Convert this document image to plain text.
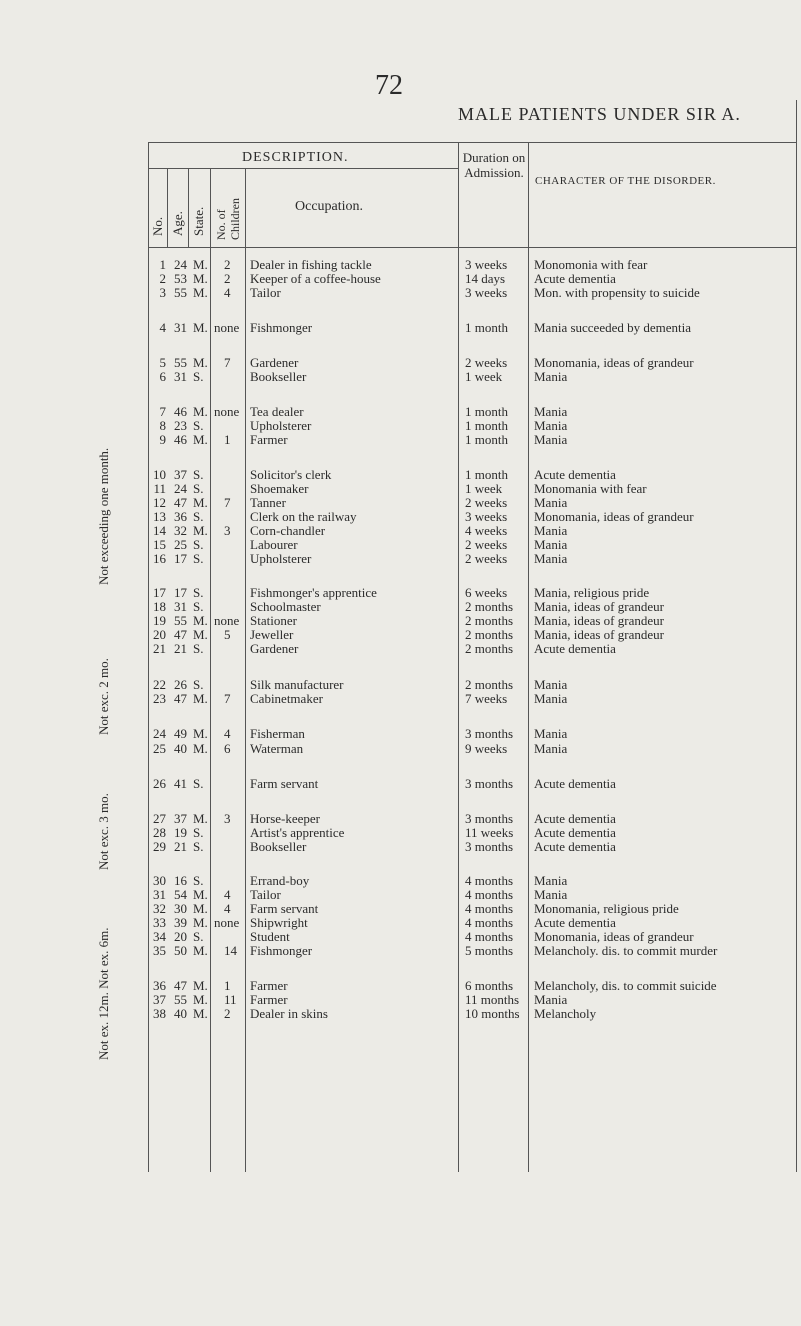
72
MALE PATIENTS UNDER SIR A.
DESCRIPTION.	Duration on Admission.
CHARACTER OF THE DISORDER.
Occupation.
No. Age. State. No. of Children
Not exceeding one month.
Not exc. 2 mo.
Not exc. 3 mo.
Not ex. 12m. Not ex. 6m.
1 24 M. 2 Dealer in fishing tackle	3 weeks Monomonia with fear
2 53 M. 2 Keeper of a coffee-house	14 days Acute dementia
3 55 M. 4 Tailor	3 weeks Mon. with propensity to suicide
4 31 M. none Fishmonger	1 month Mania succeeded by dementia
5 55 M. 7 Gardener	2 weeks Monomania, ideas of grandeur
6 31 S.	Bookseller	1 week Mania
7 46 M. none Tea dealer	1 month Mania
8 23 S.	Upholsterer	1 month Mania
9 46 M. 1 Farmer	1 month Mania
10 37 S.	Solicitor's clerk	1 month Acute dementia
11 24 S.	Shoemaker	1 week Monomania with fear
12 47 M. 7 Tanner	2 weeks Mania
13 36 S.	Clerk on the railway	3 weeks Monomania, ideas of grandeur
14 32 M. 3 Corn-chandler	4 weeks Mania
15 25 S.	Labourer	2 weeks Mania
16 17 S.	Upholsterer	2 weeks Mania
17 17 S.	Fishmonger's apprentice	6 weeks Mania, religious pride
18 31 S.	Schoolmaster	2 months Mania, ideas of grandeur
19 55 M. none Stationer	2 months Mania, ideas of grandeur
20 47 M. 5 Jeweller	2 months Mania, ideas of grandeur
21 21 S.	Gardener	2 months Acute dementia
22 26 S.	Silk manufacturer	2 months Mania
23 47 M. 7 Cabinetmaker	7 weeks Mania
24 49 M. 4 Fisherman	3 months Mania
25 40 M. 6 Waterman	9 weeks Mania
26 41 S.	Farm servant	3 months Acute dementia
27 37 M. 3 Horse-keeper	3 months Acute dementia
28 19 S.	Artist's apprentice	11 weeks Acute dementia
29 21 S.	Bookseller	3 months Acute dementia
30 16 S.	Errand-boy	4 months Mania
31 54 M. 4 Tailor	4 months Mania
32 30 M. 4 Farm servant	4 months Monomania, religious pride
33 39 M. none Shipwright	4 months Acute dementia
34 20 S.	Student	4 months Monomania, ideas of grandeur
35 50 M. 14 Fishmonger	5 months Melancholy. dis. to commit murder
36 47 M. 1 Farmer	6 months Melancholy, dis. to commit suicide
37 55 M. 11 Farmer	11 months Mania
38 40 M. 2 Dealer in skins	10 months Melancholy
